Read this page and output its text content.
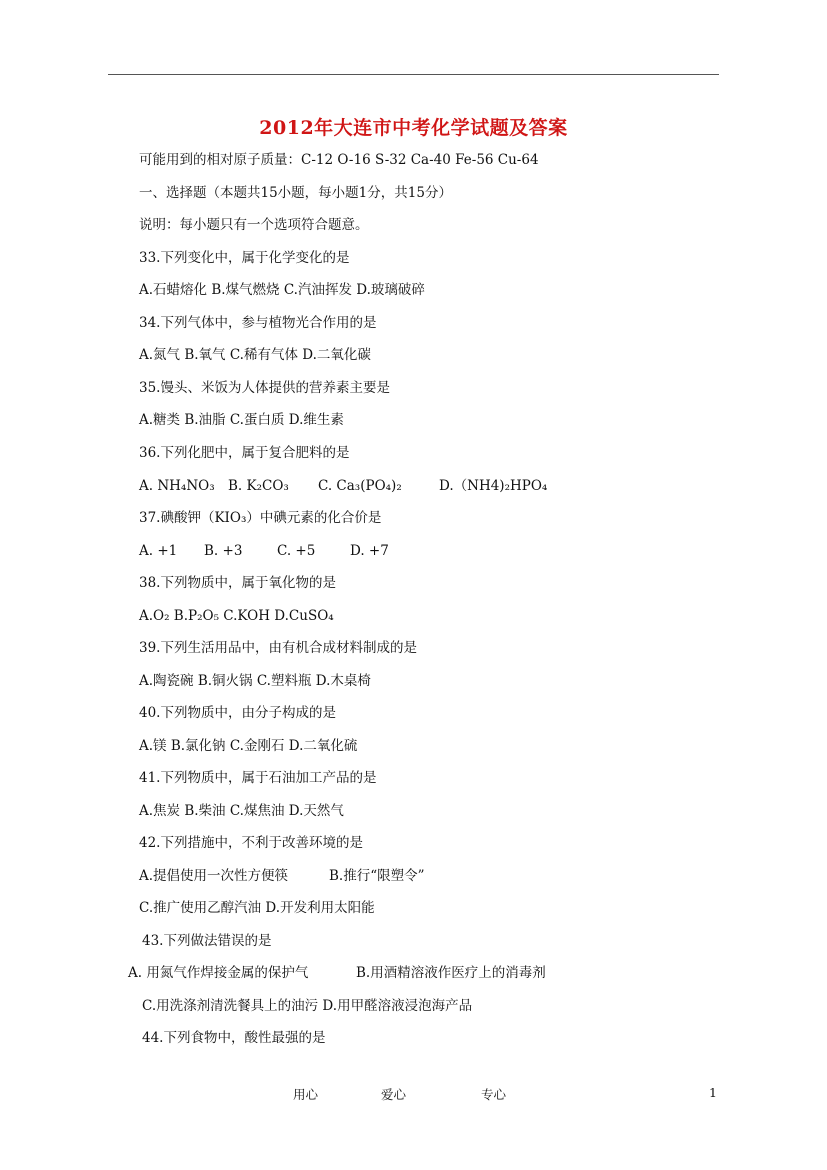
2012年大连市中考化学试题及答案
可能用到的相对原子质量：C-12 O-16 S-32 Ca-40 Fe-56 Cu-64
一、选择题（本题共15小题，每小题1分，共15分）
说明：每小题只有一个选项符合题意。
33.下列变化中，属于化学变化的是
A.石蜡熔化 B.煤气燃烧 C.汽油挥发 D.玻璃破碎
34.下列气体中，参与植物光合作用的是
A.氮气 B.氧气 C.稀有气体 D.二氧化碳
35.馒头、米饭为人体提供的营养素主要是
A.糖类 B.油脂 C.蛋白质 D.维生素
36.下列化肥中，属于复合肥料的是
A. NH₄NO₃ B. K₂CO₃ C. Ca₃(PO₄)₂	D.（NH4)₂HPO₄
37.碘酸钾（KIO₃）中碘元素的化合价是
A. +1 B. +3	C. +5	D. +7
38.下列物质中，属于氧化物的是
A.O₂ B.P₂O₅ C.KOH D.CuSO₄
39.下列生活用品中，由有机合成材料制成的是
A.陶瓷碗 B.铜火锅 C.塑料瓶 D.木桌椅
40.下列物质中，由分子构成的是
A.镁 B.氯化钠 C.金刚石 D.二氧化硫
41.下列物质中，属于石油加工产品的是
A.焦炭 B.柴油 C.煤焦油 D.天然气
42.下列措施中，不利于改善环境的是
A.提倡使用一次性方便筷	B.推行“限塑令”
C.推广使用乙醇汽油 D.开发利用太阳能
43.下列做法错误的是
A. 用氮气作焊接金属的保护气	B.用酒精溶液作医疗上的消毒剂
C.用洗涤剂清洗餐具上的油污 D.用甲醛溶液浸泡海产品
44.下列食物中，酸性最强的是
用心	爱心	专心	1
